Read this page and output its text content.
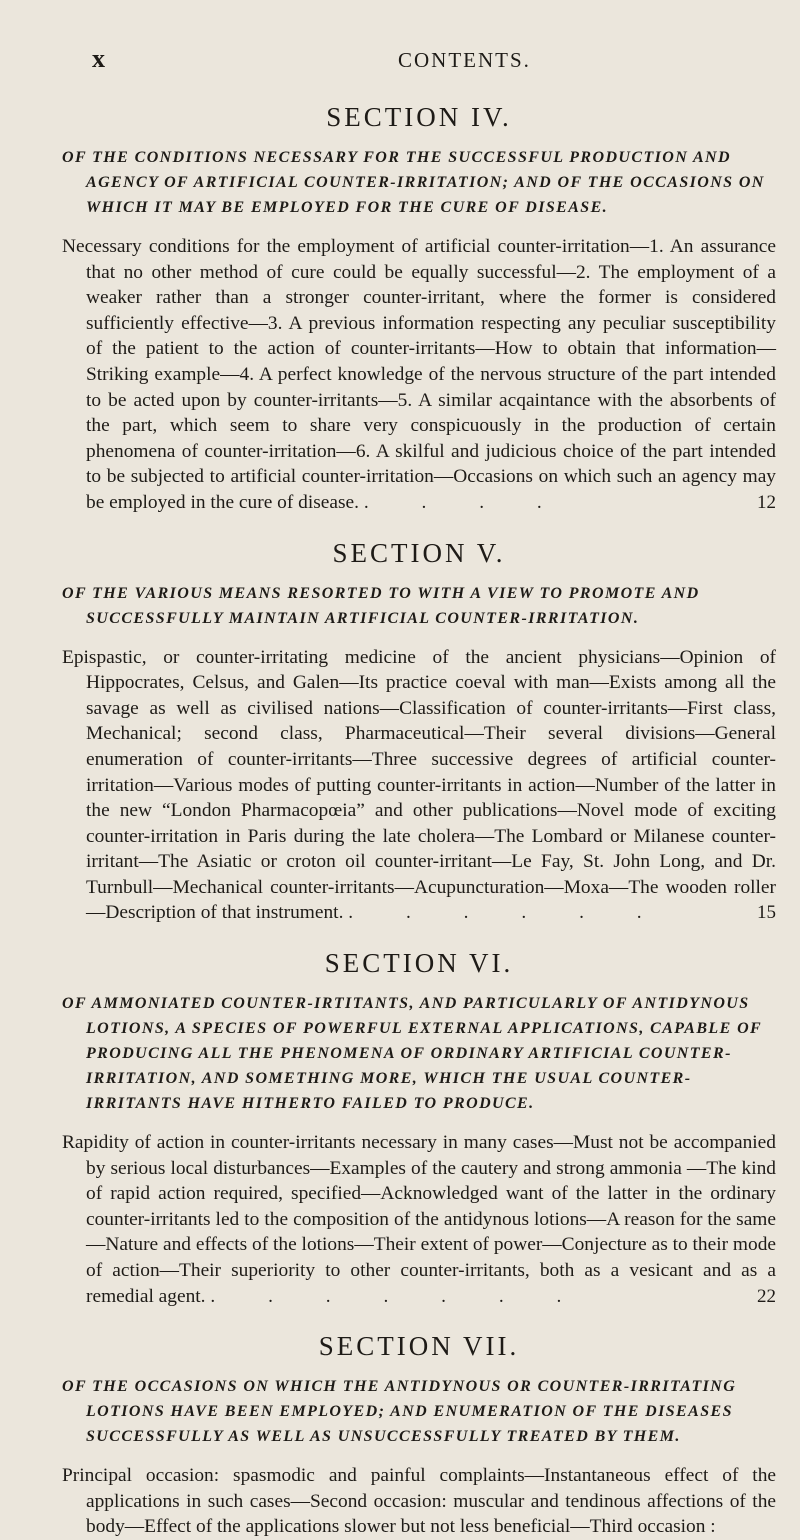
x	CONTENTS.
SECTION IV.

OF THE CONDITIONS NECESSARY FOR THE SUCCESSFUL PRODUCTION AND AGENCY OF ARTIFICIAL COUNTER-IRRITATION; AND OF THE OCCASIONS ON WHICH IT MAY BE EMPLOYED FOR THE CURE OF DISEASE.

Necessary conditions for the employment of artificial counter-irritation—1. An assurance that no other method of cure could be equally successful—2. The employment of a weaker rather than a stronger counter-irritant, where the former is considered sufficiently effective—3. A previous information respecting any peculiar susceptibility of the patient to the action of counter-irritants—How to obtain that information—Striking example—4. A perfect knowledge of the nervous structure of the part intended to be acted upon by counter-irritants—5. A similar acqaintance with the absorbents of the part, which seem to share very conspicuously in the production of certain phenomena of counter-irritation—6. A skilful and judicious choice of the part intended to be subjected to artificial counter-irritation—Occasions on which such an agency may be employed in the cure of disease. . . . .	12

SECTION V.

OF THE VARIOUS MEANS RESORTED TO WITH A VIEW TO PROMOTE AND SUCCESSFULLY MAINTAIN ARTIFICIAL COUNTER-IRRITATION.

Epispastic, or counter-irritating medicine of the ancient physicians—Opinion of Hippocrates, Celsus, and Galen—Its practice coeval with man—Exists among all the savage as well as civilised nations—Classification of counter-irritants—First class, Mechanical; second class, Pharmaceutical—Their several divisions—General enumeration of counter-irritants—Three successive degrees of artificial counter-irritation—Various modes of putting counter-irritants in action—Number of the latter in the new “London Pharmacopœia” and other publications—Novel mode of exciting counter-irritation in Paris during the late cholera—The Lombard or Milanese counter-irritant—The Asiatic or croton oil counter-irritant—Le Fay, St. John Long, and Dr. Turnbull—Mechanical counter-irritants—Acupuncturation—Moxa—The wooden roller—Description of that instrument. . . . . . .	15

SECTION VI.

OF AMMONIATED COUNTER-IRTITANTS, AND PARTICULARLY OF ANTIDYNOUS LOTIONS, A SPECIES OF POWERFUL EXTERNAL APPLICATIONS, CAPABLE OF PRODUCING ALL THE PHENOMENA OF ORDINARY ARTIFICIAL COUNTER-IRRITATION, AND SOMETHING MORE, WHICH THE USUAL COUNTER-IRRITANTS HAVE HITHERTO FAILED TO PRODUCE.

Rapidity of action in counter-irritants necessary in many cases—Must not be accompanied by serious local disturbances—Examples of the cautery and strong ammonia —The kind of rapid action required, specified—Acknowledged want of the latter in the ordinary counter-irritants led to the composition of the antidynous lotions—A reason for the same—Nature and effects of the lotions—Their extent of power—Conjecture as to their mode of action—Their superiority to other counter-irritants, both as a vesicant and as a remedial agent. . . . . . . .	22

SECTION VII.

OF THE OCCASIONS ON WHICH THE ANTIDYNOUS OR COUNTER-IRRITATING LOTIONS HAVE BEEN EMPLOYED; AND ENUMERATION OF THE DISEASES SUCCESSFULLY AS WELL AS UNSUCCESSFULLY TREATED BY THEM.

Principal occasion: spasmodic and painful complaints—Instantaneous effect of the applications in such cases—Second occasion: muscular and tendinous affections of the body—Effect of the applications slower but not less beneficial—Third occasion :
